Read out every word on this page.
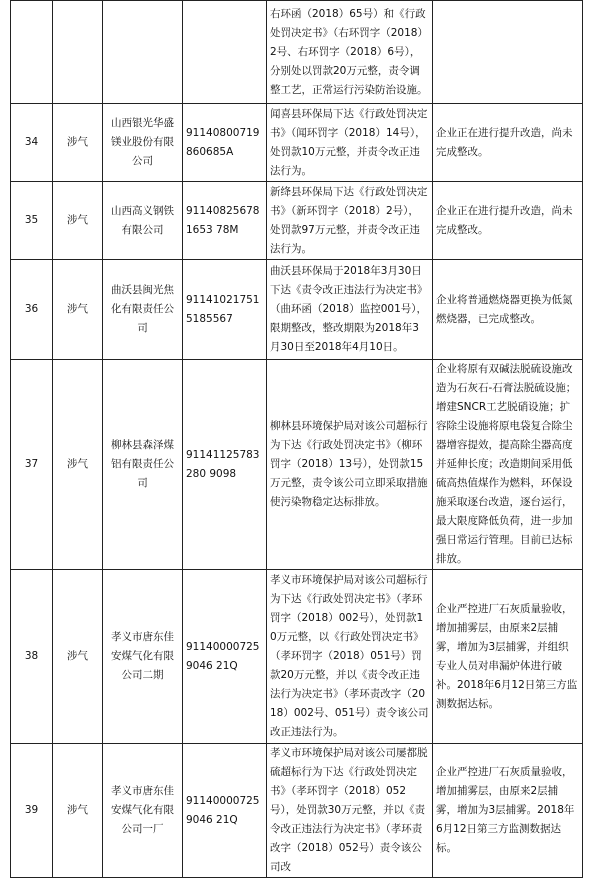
				右环函（2018）65号）和《行政处罚决定书》（右环罚字（2018）2号、右环罚字（2018）6号），分别处以罚款20万元整，责令调整工艺，正常运行污染防治设施。	
34	涉气	山西银光华盛镁业股份有限公司	91140800719860685A	闻喜县环保局下达《行政处罚决定书》（闻环罚字（2018）14号），处罚款10万元整，并责令改正违法行为。	企业正在进行提升改造，尚未完成整改。
35	涉气	山西高义钢铁有限公司	911408256781653 78M	新绛县环保局下达《行政处罚决定书》（新环罚字（2018）2号），处罚款97万元整，并责令改正违法行为。	企业正在进行提升改造，尚未完成整改。
36	涉气	曲沃县闽光焦化有限责任公司	911410217515185567	曲沃县环保局于2018年3月30日下达《责令改正违法行为决定书》（曲环函（2018）监控001号），限期整改，整改期限为2018年3月30日至2018年4月10日。	企业将普通燃烧器更换为低氮燃烧器，已完成整改。
37	涉气	柳林县森泽煤铝有限责任公司	91141125783280 9098	柳林县环境保护局对该公司超标行为下达《行政处罚决定书》（柳环罚字（2018）13号），处罚款15万元整，责令该公司立即采取措施使污染物稳定达标排放。	企业将原有双碱法脱硫设施改造为石灰石-石膏法脱硫设施；增建SNCR工艺脱硝设施；扩容除尘设施将原电袋复合除尘器增容提效，提高除尘器高度并延伸长度；改造期间采用低硫高热值煤作为燃料，环保设施采取逐台改造，逐台运行，最大限度降低负荷，进一步加强日常运行管理。目前已达标排放。
38	涉气	孝义市唐东佳安煤气化有限公司二期	911400007259046 21Q	孝义市环境保护局对该公司超标行为下达《行政处罚决定书》（孝环罚字（2018）002号），处罚款10万元整，以《行政处罚决定书》（孝环罚字（2018）051号）罚款20万元整，并以《责令改正违法行为决定书》（孝环责改字（2018）002号、051号）责令该公司改正违法行为。	企业严控进厂石灰质量验收，增加捕雾层，由原来2层捕雾，增加为3层捕雾，并组织专业人员对串漏炉体进行破补。2018年6月12日第三方监测数据达标。
39	涉气	孝义市唐东佳安煤气化有限公司一厂	911400007259046 21Q	孝义市环境保护局对该公司屡都脱硫超标行为下达《行政处罚决定书》（孝环罚字（2018）052号），处罚款30万元整，并以《责令改正违法行为决定书》（孝环责改字（2018）052号）责令该公司改	企业严控进厂石灰质量验收，增加捕雾层，由原来2层捕雾，增加为3层捕雾。2018年6月12日第三方监测数据达标。
